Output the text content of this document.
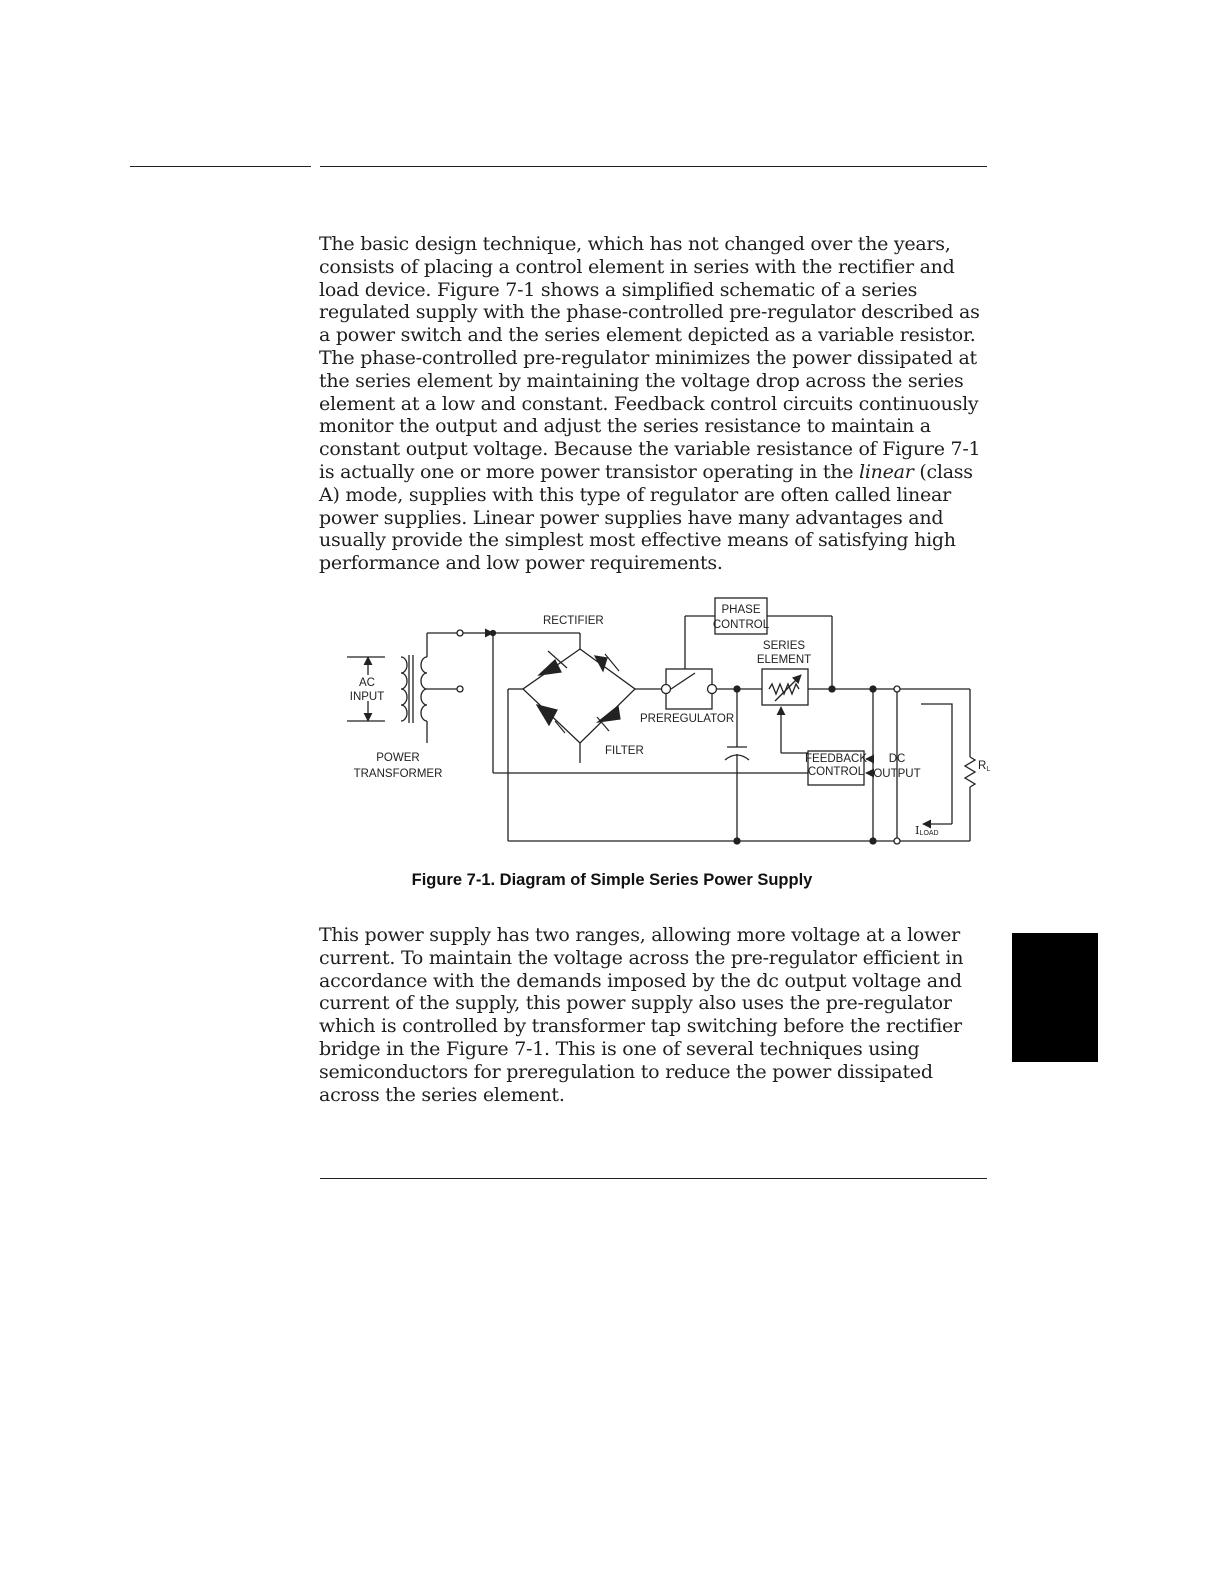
The basic design technique, which has not changed over the years, consists of placing a control element in series with the rectifier and load device. Figure 7-1 shows a simplified schematic of a series regulated supply with the phase-controlled pre-regulator described as a power switch and the series element depicted as a variable resistor. The phase-controlled pre-regulator minimizes the power dissipated at the series element by maintaining the voltage drop across the series element at a low and constant. Feedback control circuits continuously monitor the output and adjust the series resistance to maintain a constant output voltage. Because the variable resistance of Figure 7-1 is actually one or more power transistor operating in the linear (class A) mode, supplies with this type of regulator are often called linear power supplies. Linear power supplies have many advantages and usually provide the simplest most effective means of satisfying high performance and low power requirements.

RECTIFIER
PHASE
CONTROL
SERIES
ELEMENT
AC
INPUT
PREREGULATOR
POWER
TRANSFORMER
FILTER
FEEDBACK
CONTROL
DC
OUTPUT
RL
ILOAD
Figure 7-1. Diagram of Simple Series Power Supply

This power supply has two ranges, allowing more voltage at a lower current. To maintain the voltage across the pre-regulator efficient in accordance with the demands imposed by the dc output voltage and current of the supply, this power supply also uses the pre-regulator which is controlled by transformer tap switching before the rectifier bridge in the Figure 7-1. This is one of several techniques using semiconductors for preregulation to reduce the power dissipated across the series element.
